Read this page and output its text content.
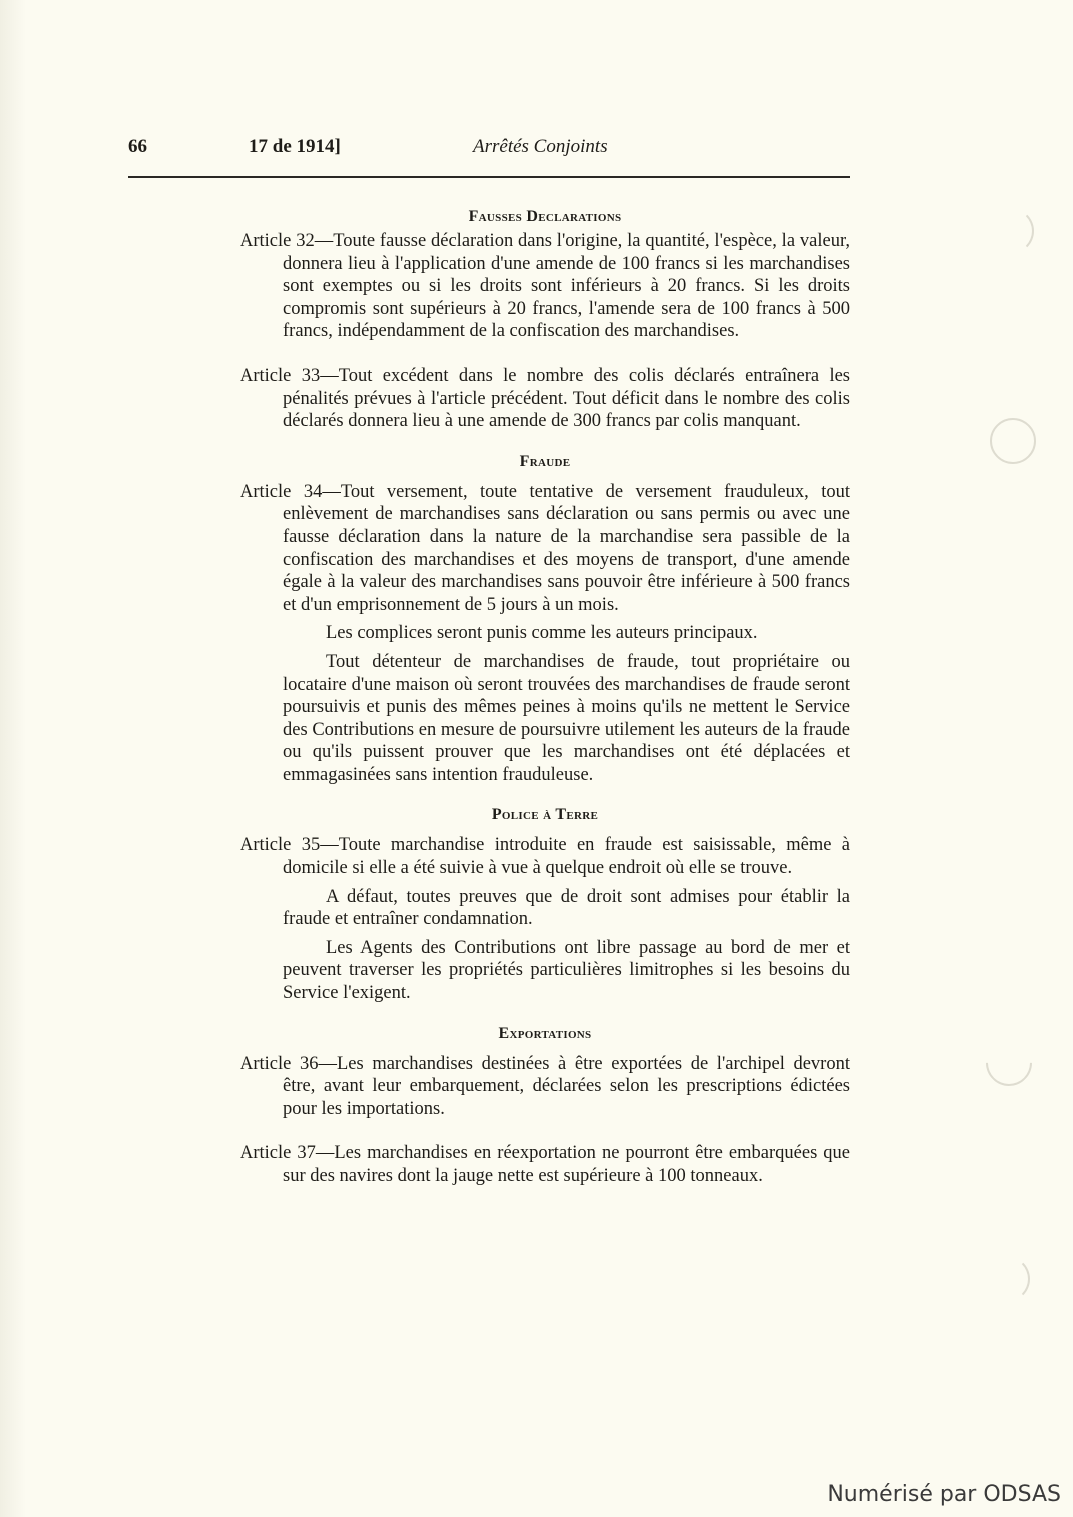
66	17 de 1914]	Arrêtés Conjoints
Fausses Declarations

Article 32—Toute fausse déclaration dans l'origine, la quantité, l'espèce, la valeur, donnera lieu à l'application d'une amende de 100 francs si les marchandises sont exemptes ou si les droits sont inférieurs à 20 francs. Si les droits compromis sont supérieurs à 20 francs, l'amende sera de 100 francs à 500 francs, indépendamment de la confiscation des marchandises.

Article 33—Tout excédent dans le nombre des colis déclarés entraînera les pénalités prévues à l'article précédent. Tout déficit dans le nombre des colis déclarés donnera lieu à une amende de 300 francs par colis manquant.

Fraude

Article 34—Tout versement, toute tentative de versement frauduleux, tout enlèvement de marchandises sans déclaration ou sans permis ou avec une fausse déclaration dans la nature de la marchandise sera passible de la confiscation des marchandises et des moyens de transport, d'une amende égale à la valeur des marchandises sans pouvoir être inférieure à 500 francs et d'un emprisonnement de 5 jours à un mois.

Les complices seront punis comme les auteurs principaux.

Tout détenteur de marchandises de fraude, tout propriétaire ou locataire d'une maison où seront trouvées des marchandises de fraude seront poursuivis et punis des mêmes peines à moins qu'ils ne mettent le Service des Contributions en mesure de poursuivre utilement les auteurs de la fraude ou qu'ils puissent prouver que les marchandises ont été déplacées et emmagasinées sans intention frauduleuse.

Police à Terre

Article 35—Toute marchandise introduite en fraude est saisissable, même à domicile si elle a été suivie à vue à quelque endroit où elle se trouve.

A défaut, toutes preuves que de droit sont admises pour établir la fraude et entraîner condamnation.

Les Agents des Contributions ont libre passage au bord de mer et peuvent traverser les propriétés particulières limitrophes si les besoins du Service l'exigent.

Exportations

Article 36—Les marchandises destinées à être exportées de l'archipel devront être, avant leur embarquement, déclarées selon les prescriptions édictées pour les importations.

Article 37—Les marchandises en réexportation ne pourront être embarquées que sur des navires dont la jauge nette est supérieure à 100 tonneaux.

Numérisé par ODSAS
